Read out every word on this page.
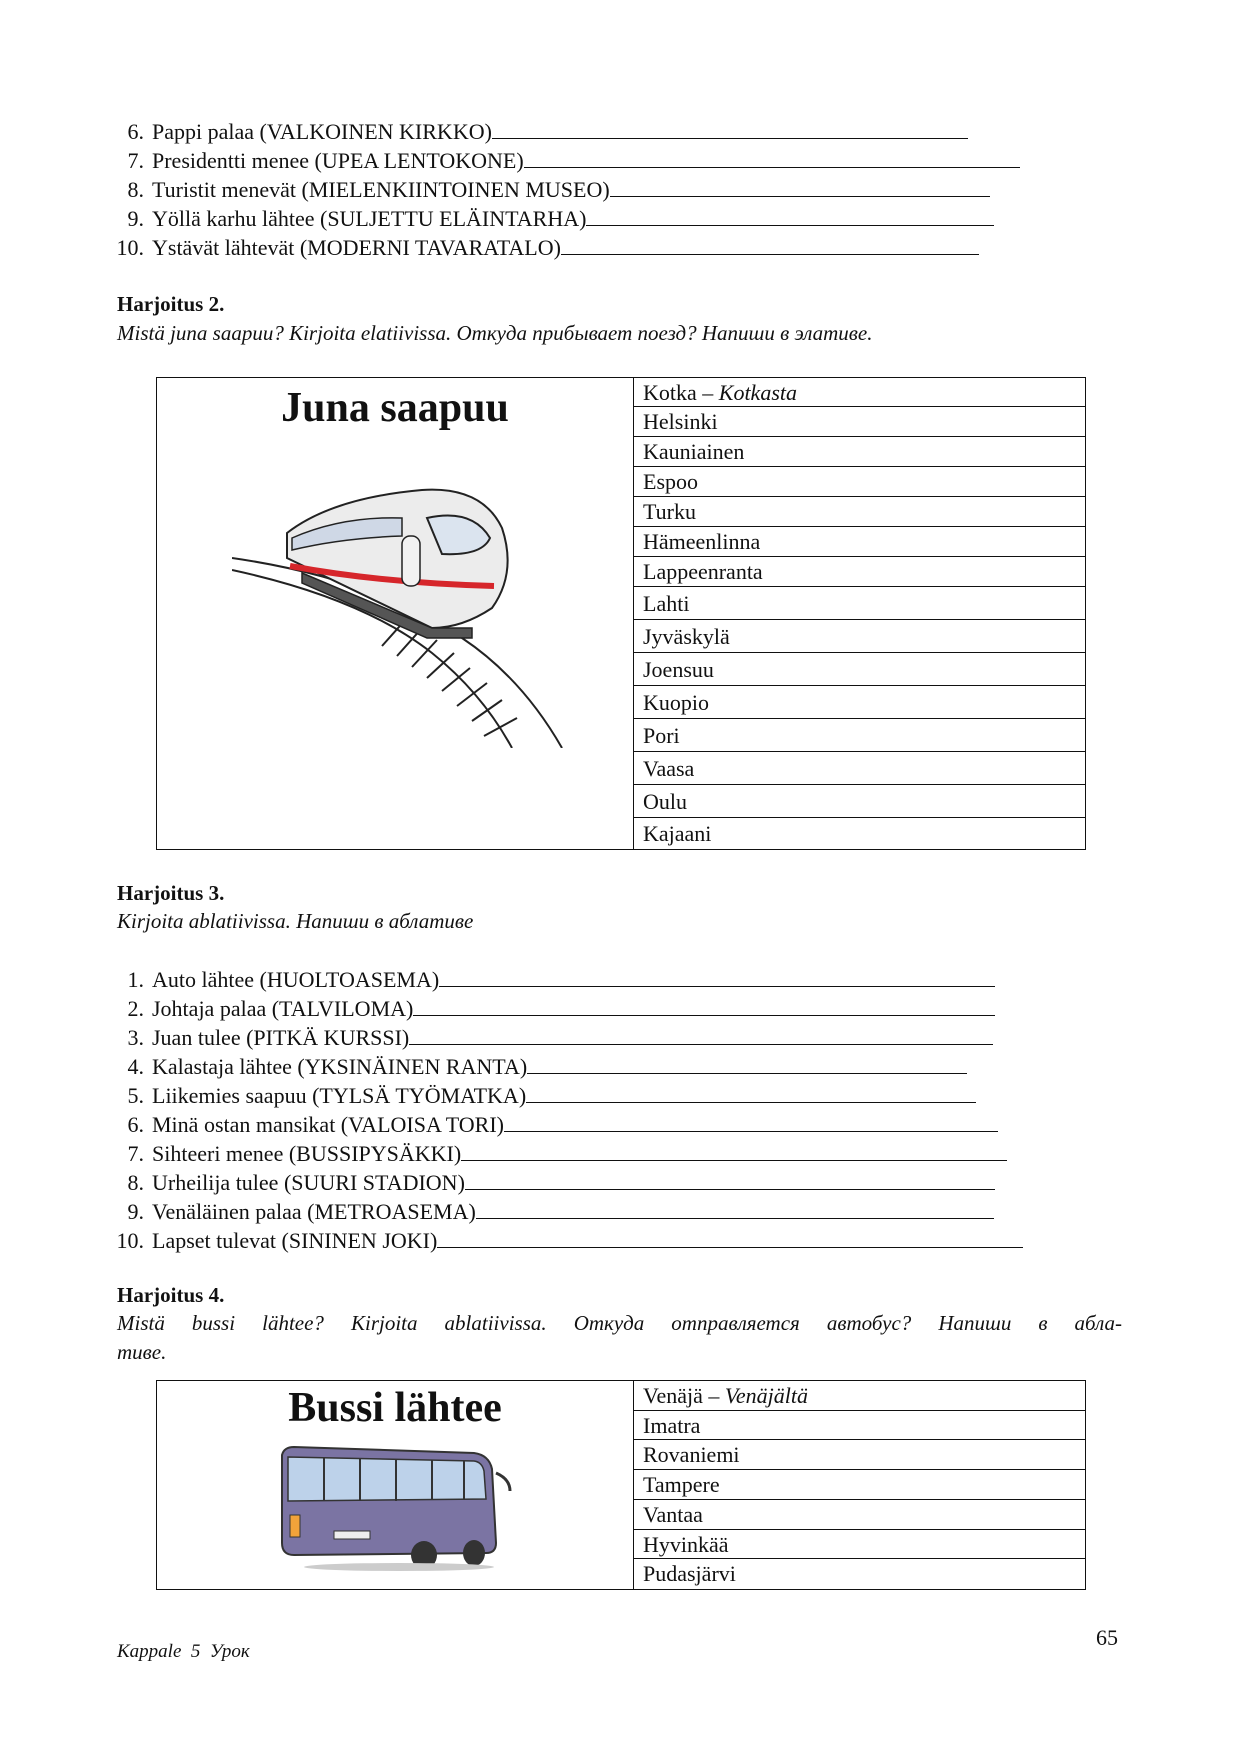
6. Pappi palaa (VALKOINEN KIRKKO)
7. Presidentti menee (UPEA LENTOKONE)
8. Turistit menevät (MIELENKIINTOINEN MUSEO)
9. Yöllä karhu lähtee (SULJETTU ELÄINTARHA)
10. Ystävät lähtevät (MODERNI TAVARATALO)
Harjoitus 2.
Mistä juna saapuu? Kirjoita elatiivissa. Откуда прибывает поезд? Напиши в элативе.
Juna saapuu	Kotka – Kotkasta
Helsinki
Kauniainen
Espoo
Turku
Hämeenlinna
Lappeenranta
Lahti
Jyväskylä
Joensuu
Kuopio
Pori
Vaasa
Oulu
Kajaani
Harjoitus 3.
Kirjoita ablatiivissa. Напиши в аблативе
1. Auto lähtee (HUOLTOASEMA)
2. Johtaja palaa (TALVILOMA)
3. Juan tulee (PITKÄ KURSSI)
4. Kalastaja lähtee (YKSINÄINEN RANTA)
5. Liikemies saapuu (TYLSÄ TYÖMATKA)
6. Minä ostan mansikat (VALOISA TORI)
7. Sihteeri menee (BUSSIPYSÄKKI)
8. Urheilija tulee (SUURI STADION)
9. Venäläinen palaa (METROASEMA)
10. Lapset tulevat (SININEN JOKI)
Harjoitus 4.
Mistä bussi lähtee? Kirjoita ablatiivissa. Откуда отправляется автобус? Напиши в абла-
тиве.
Bussi lähtee	Venäjä – Venäjältä
Imatra
Rovaniemi
Tampere
Vantaa
Hyvinkää
Pudasjärvi
Kappale  5  Урок
65
